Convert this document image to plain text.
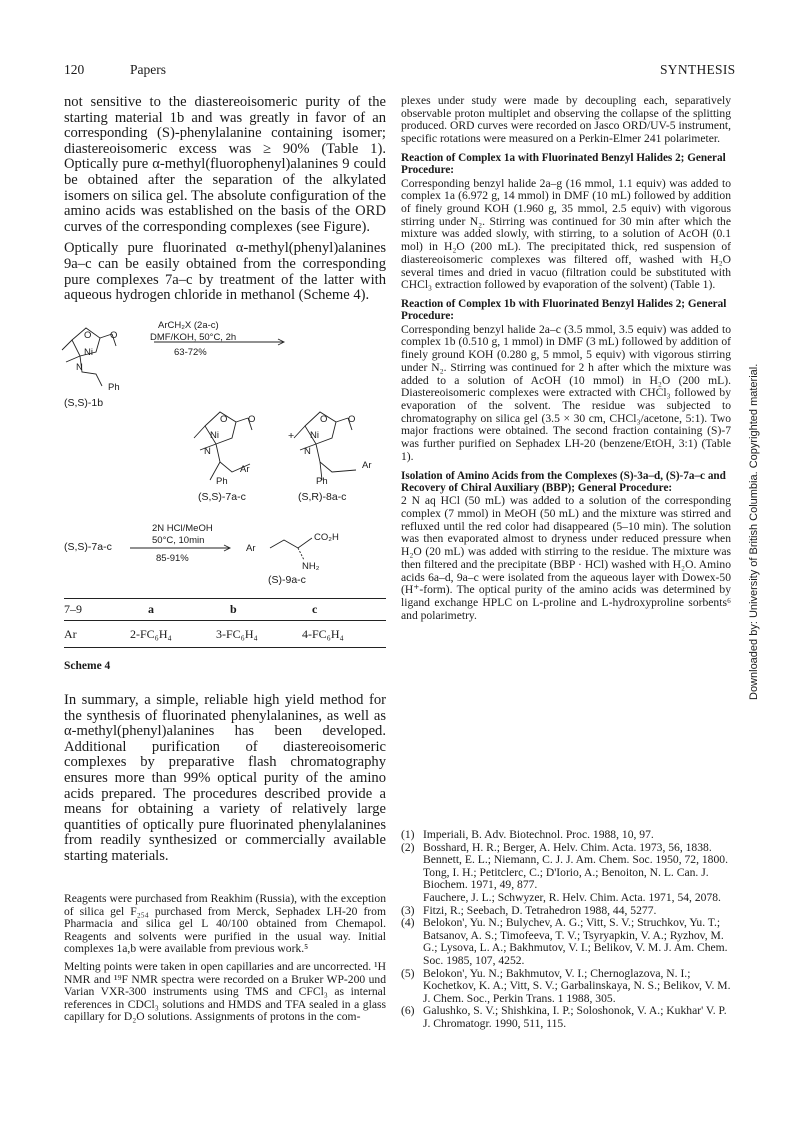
120	Papers	SYNTHESIS

not sensitive to the diastereoisomeric purity of the starting material 1b and was greatly in favor of an corresponding (S)-phenylalanine containing isomer; diastereoisomeric excess was ≥ 90% (Table 1). Optically pure α-methyl(fluorophenyl)alanines 9 could be obtained after the separation of the alkylated isomers on silica gel. The absolute configuration of the amino acids was established on the basis of the ORD curves of the corresponding complexes (see Figure).

Optically pure fluorinated α-methyl(phenyl)alanines 9a–c can be easily obtained from the corresponding pure complexes 7a–c by treatment of the latter with aqueous hydrogen chloride in methanol (Scheme 4).

O O
Ni
N
Ph
ArCH₂X (2a-c)
DMF/KOH, 50°C, 2h
63-72%
(S,S)-1b
O O
Ni
N
Ar
Ph
+
O O
Ni
N
Ar
Ph
(S,S)-7a-c	(S,R)-8a-c
2N HCl/MeOH
50°C, 10min
85-91%
(S,S)-7a-c	Ar
CO₂H
NH₂
(S)-9a-c
7–9	a	b	c
Ar	2-FC₆H₄	3-FC₆H₄	4-FC₆H₄
Scheme 4

In summary, a simple, reliable high yield method for the synthesis of fluorinated phenylalanines, as well as α-methyl(phenyl)alanines has been developed. Additional purification of diastereoisomeric complexes by preparative flash chromatography ensures more than 99% optical purity of the amino acids prepared. The procedures described provide a means for obtaining a variety of relatively large quantities of optically pure fluorinated phenylalanines from readily synthesized or commercially available starting materials.

Reagents were purchased from Reakhim (Russia), with the exception of silica gel F₂₅₄ purchased from Merck, Sephadex LH-20 from Pharmacia and silica gel L 40/100 obtained from Chemapol. Reagents and solvents were purified in the usual way. Initial complexes 1a,b were available from previous work.⁵

Melting points were taken in open capillaries and are uncorrected. ¹H NMR and ¹⁹F NMR spectra were recorded on a Bruker WP-200 und Varian VXR-300 instruments using TMS and CFCl₃ as internal references in CDCl₃ solutions and HMDS and TFA sealed in a glass capillary for D₂O solutions. Assignments of protons in the com-

plexes under study were made by decoupling each, separatively observable proton multiplet and observing the collapse of the splitting produced. ORD curves were recorded on Jasco ORD/UV-5 instrument, specific rotations were measured on a Perkin-Elmer 241 polarimeter.

Reaction of Complex 1a with Fluorinated Benzyl Halides 2; General Procedure:

Corresponding benzyl halide 2a–g (16 mmol, 1.1 equiv) was added to complex 1a (6.972 g, 14 mmol) in DMF (10 mL) followed by addition of finely ground KOH (1.960 g, 35 mmol, 2.5 equiv) with vigorous stirring under N₂. Stirring was continued for 30 min after which the mixture was added slowly, with stirring, to a solution of AcOH (0.1 mol) in H₂O (200 mL). The precipitated thick, red suspension of diastereoisomeric complexes was filtered off, washed with H₂O several times and dried in vacuo (filtration could be substituted with CHCl₃ extraction followed by evaporation of the solvent) (Table 1).

Reaction of Complex 1b with Fluorinated Benzyl Halides 2; General Procedure:

Corresponding benzyl halide 2a–c (3.5 mmol, 3.5 equiv) was added to complex 1b (0.510 g, 1 mmol) in DMF (3 mL) followed by addition of finely ground KOH (0.280 g, 5 mmol, 5 equiv) with vigorous stirring under N₂. Stirring was continued for 2 h after which the mixture was added to a solution of AcOH (10 mmol) in H₂O (200 mL). Diastereoisomeric complexes were extracted with CHCl₃ followed by evaporation of the solvent. The residue was subjected to chromatography on silica gel (3.5 × 30 cm, CHCl₃/acetone, 5:1). Two major fractions were obtained. The second fraction containing (S)-7 was further purified on Sephadex LH-20 (benzene/EtOH, 3:1) (Table 1).

Isolation of Amino Acids from the Complexes (S)-3a–d, (S)-7a–c and Recovery of Chiral Auxiliary (BBP); General Procedure:

2 N aq HCl (50 mL) was added to a solution of the corresponding complex (7 mmol) in MeOH (50 mL) and the mixture was stirred and refluxed until the red color had disappeared (5–10 min). The solution was then evaporated almost to dryness under reduced pressure when H₂O (20 mL) was added with stirring to the residue. The mixture was then filtered and the precipitate (BBP · HCl) washed with H₂O. Amino acids 6a–d, 9a–c were isolated from the aqueous layer with Dowex-50 (H⁺-form). The optical purity of the amino acids was determined by ligand exchange HPLC on L-proline and L-hydroxyproline sorbents⁶ and polarimetry.

(1) Imperiali, B. Adv. Biotechnol. Proc. 1988, 10, 97.
(2) Bosshard, H. R.; Berger, A. Helv. Chim. Acta. 1973, 56, 1838.
Bennett, E. L.; Niemann, C. J. J. Am. Chem. Soc. 1950, 72, 1800.
Tong, I. H.; Petitclerc, C.; D'Iorio, A.; Benoiton, N. L. Can. J. Biochem. 1971, 49, 877.
Fauchere, J. L.; Schwyzer, R. Helv. Chim. Acta. 1971, 54, 2078.
(3) Fitzi, R.; Seebach, D. Tetrahedron 1988, 44, 5277.
(4) Belokon', Yu. N.; Bulychev, A. G.; Vitt, S. V.; Struchkov, Yu. T.; Batsanov, A. S.; Timofeeva, T. V.; Tsyryapkin, V. A.; Ryzhov, M. G.; Lysova, L. A.; Bakhmutov, V. I.; Belikov, V. M. J. Am. Chem. Soc. 1985, 107, 4252.
(5) Belokon', Yu. N.; Bakhmutov, V. I.; Chernoglazova, N. I.; Kochetkov, K. A.; Vitt, S. V.; Garbalinskaya, N. S.; Belikov, V. M. J. Chem. Soc., Perkin Trans. 1 1988, 305.
(6) Galushko, S. V.; Shishkina, I. P.; Soloshonok, V. A.; Kukhar' V. P. J. Chromatogr. 1990, 511, 115.
Downloaded by: University of British Columbia. Copyrighted material.
